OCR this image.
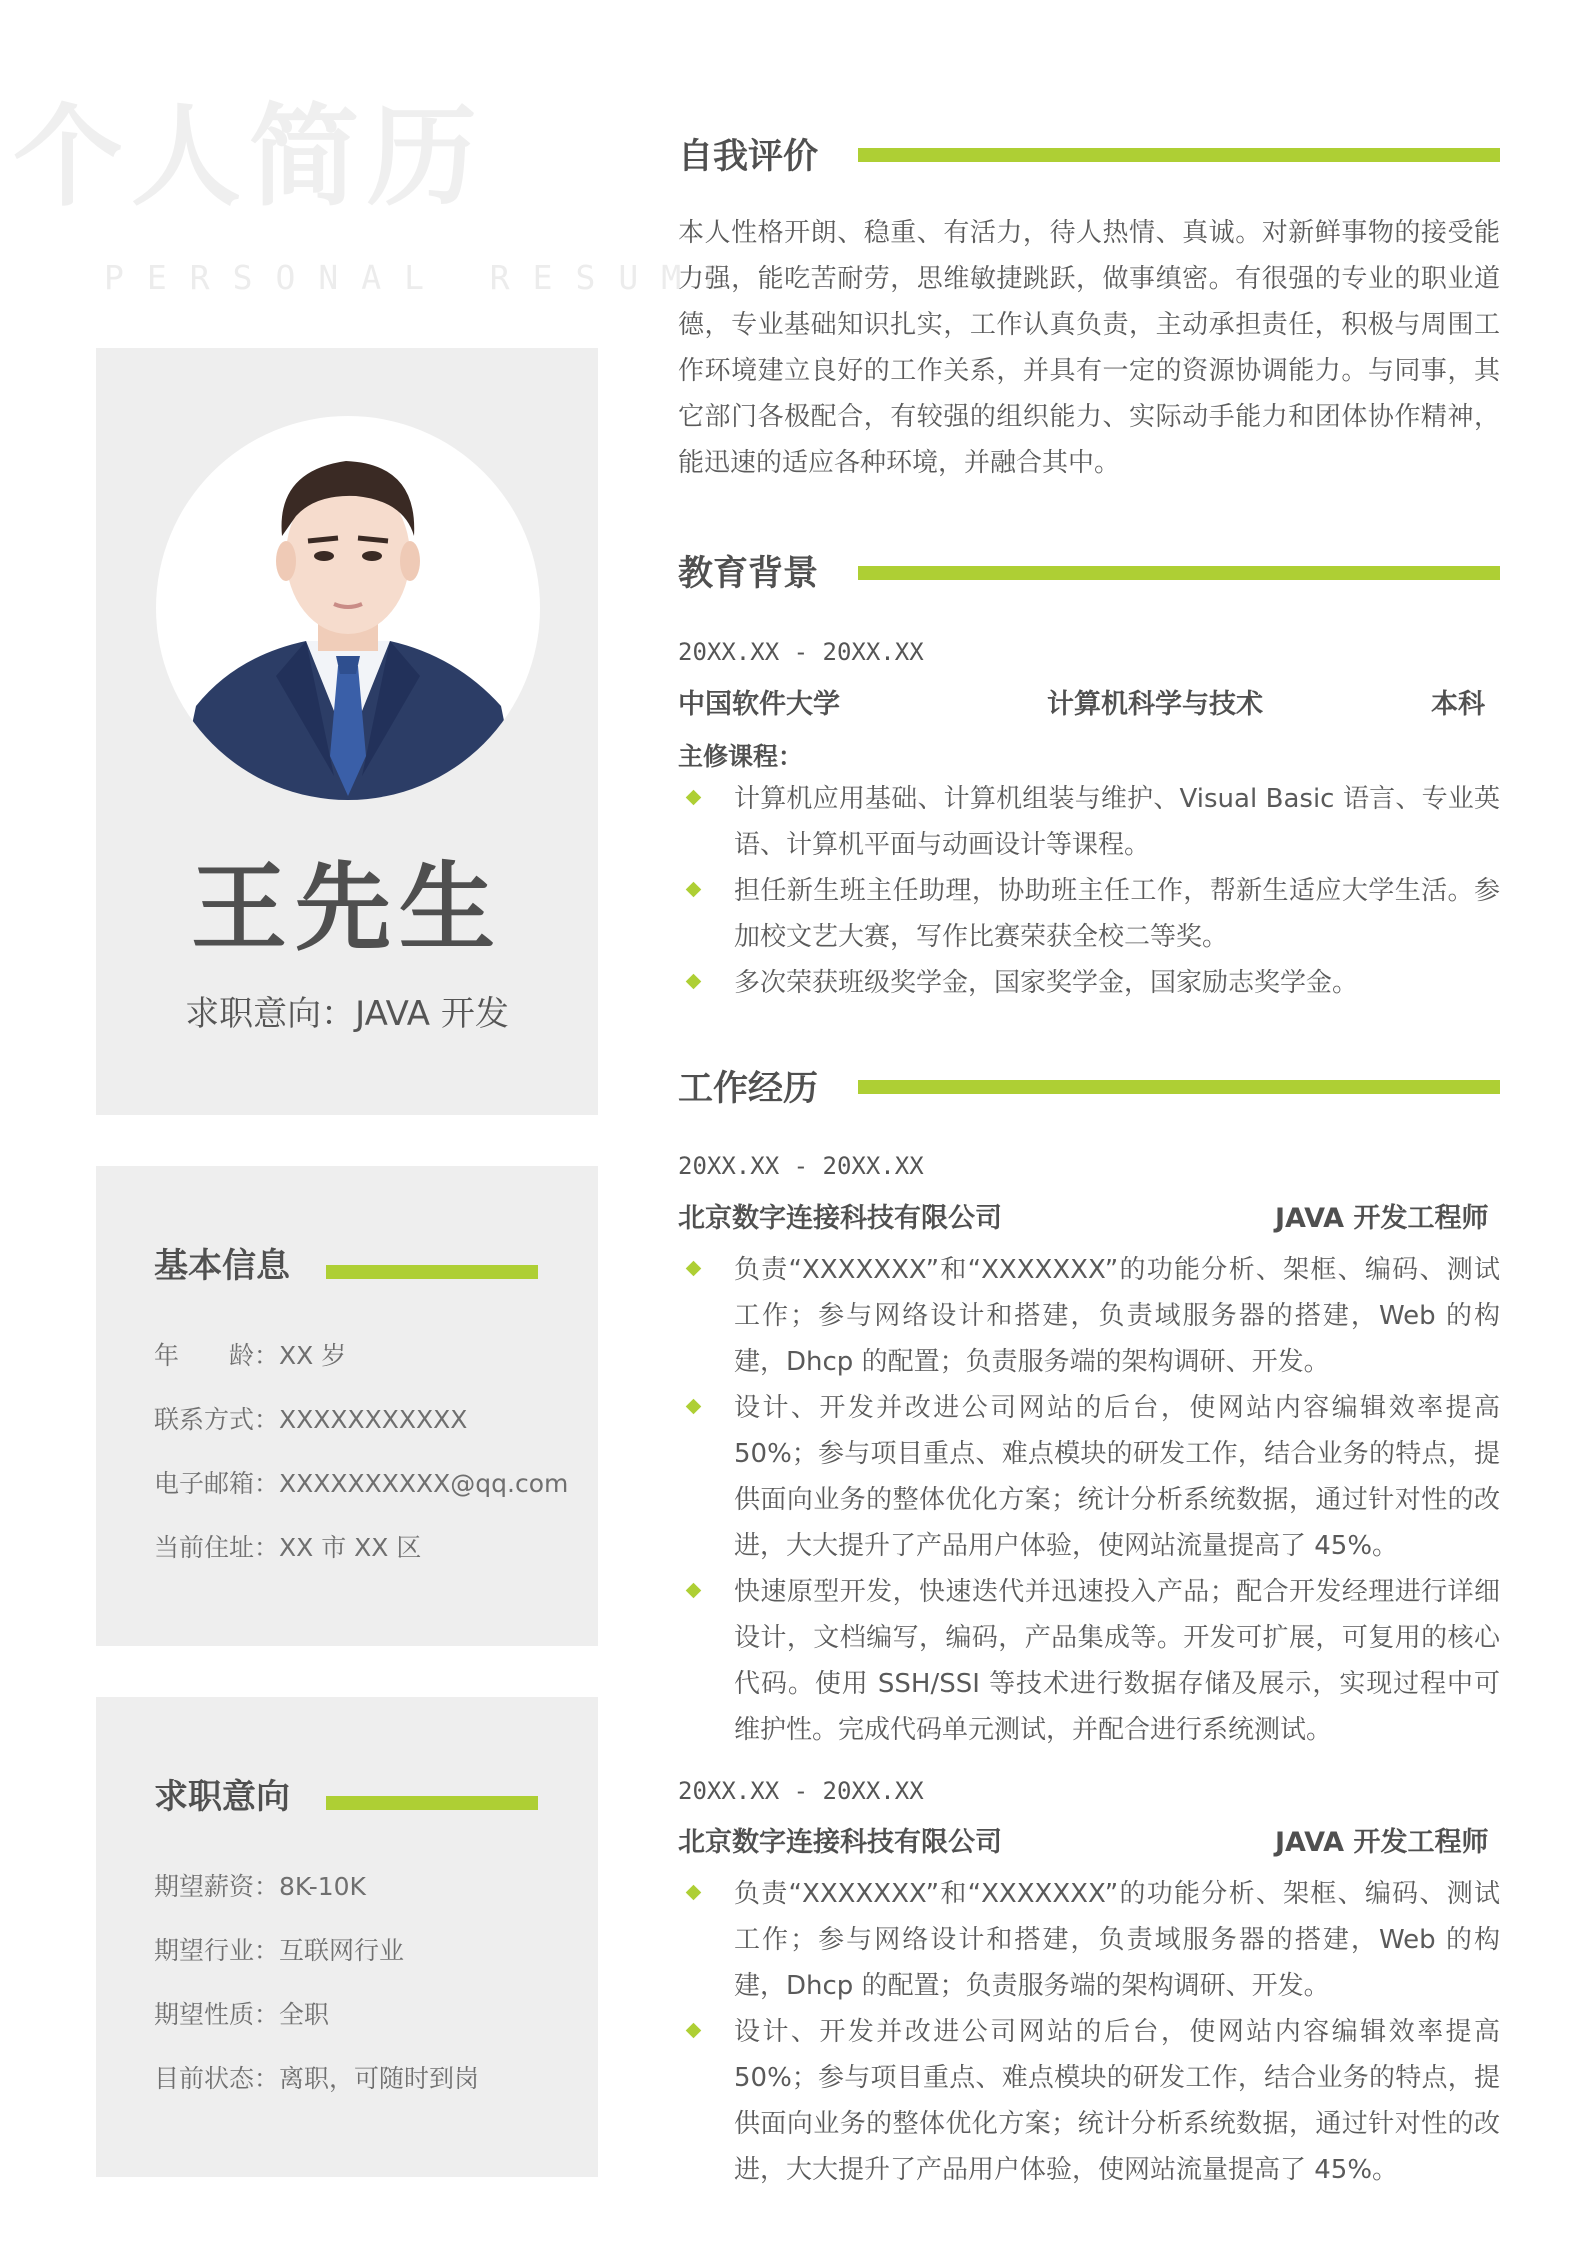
个人简历
PERSONAL RESUME
王先生
求职意向：JAVA 开发
基本信息
年　　龄：XX 岁
联系方式：XXXXXXXXXXX
电子邮箱：XXXXXXXXXX@qq.com
当前住址：XX 市 XX 区
求职意向
期望薪资：8K-10K
期望行业：互联网行业
期望性质：全职
目前状态：离职，可随时到岗
自我评价
本人性格开朗、稳重、有活力，待人热情、真诚。对新鲜事物的接受能力强，能吃苦耐劳，思维敏捷跳跃，做事缜密。有很强的专业的职业道德，专业基础知识扎实，工作认真负责，主动承担责任，积极与周围工作环境建立良好的工作关系，并具有一定的资源协调能力。与同事，其它部门各极配合，有较强的组织能力、实际动手能力和团体协作精神，能迅速的适应各种环境，并融合其中。
教育背景
20XX.XX - 20XX.XX
中国软件大学	计算机科学与技术	本科
主修课程：
计算机应用基础、计算机组装与维护、Visual Basic 语言、专业英语、计算机平面与动画设计等课程。
担任新生班主任助理，协助班主任工作，帮新生适应大学生活。参加校文艺大赛，写作比赛荣获全校二等奖。
多次荣获班级奖学金，国家奖学金，国家励志奖学金。
工作经历
20XX.XX - 20XX.XX
北京数字连接科技有限公司	JAVA 开发工程师
负责“XXXXXXX”和“XXXXXXX”的功能分析、架框、编码、测试工作；参与网络设计和搭建，负责域服务器的搭建，Web 的构建，Dhcp 的配置；负责服务端的架构调研、开发。
设计、开发并改进公司网站的后台，使网站内容编辑效率提高 50%；参与项目重点、难点模块的研发工作，结合业务的特点，提供面向业务的整体优化方案；统计分析系统数据，通过针对性的改进，大大提升了产品用户体验，使网站流量提高了 45%。
快速原型开发，快速迭代并迅速投入产品；配合开发经理进行详细设计，文档编写，编码，产品集成等。开发可扩展，可复用的核心代码。使用 SSH/SSI 等技术进行数据存储及展示，实现过程中可维护性。完成代码单元测试，并配合进行系统测试。
20XX.XX - 20XX.XX
北京数字连接科技有限公司	JAVA 开发工程师
负责“XXXXXXX”和“XXXXXXX”的功能分析、架框、编码、测试工作；参与网络设计和搭建，负责域服务器的搭建，Web 的构建，Dhcp 的配置；负责服务端的架构调研、开发。
设计、开发并改进公司网站的后台，使网站内容编辑效率提高 50%；参与项目重点、难点模块的研发工作，结合业务的特点，提供面向业务的整体优化方案；统计分析系统数据，通过针对性的改进，大大提升了产品用户体验，使网站流量提高了 45%。
